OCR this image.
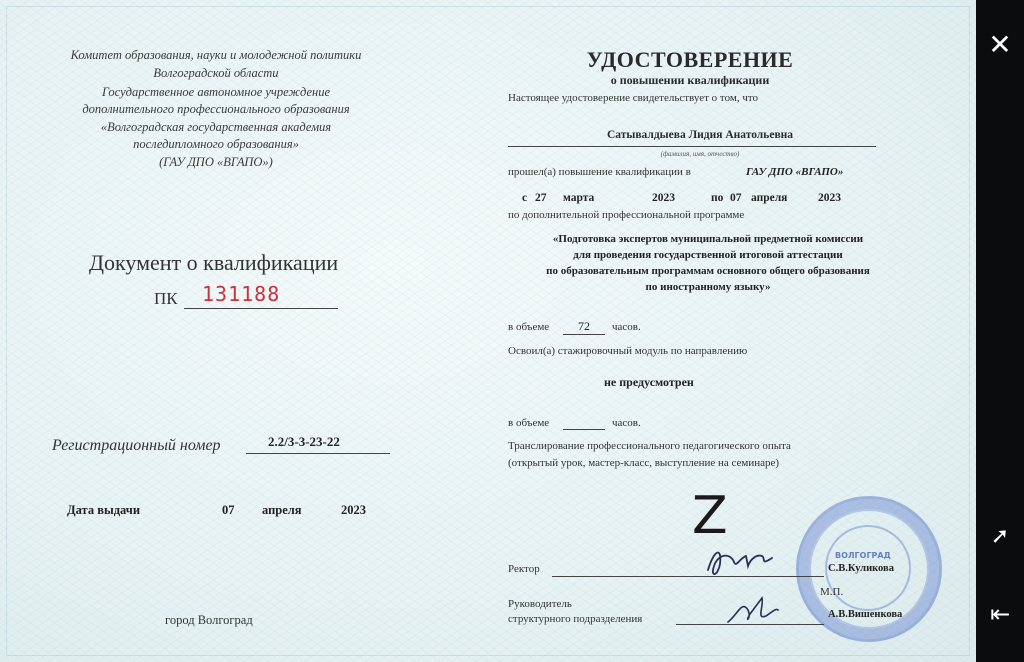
Комитет образования, науки и молодежной политики
Волгоградской области
Государственное автономное учреждение
дополнительного профессионального образования
«Волгоградская государственная академия
последипломного образования»
(ГАУ ДПО «ВГАПО»)
Документ о квалификации
ПК 131188
Регистрационный номер	2.2/3-3-23-22
Дата выдачи	07 апреля	2023
город Волгоград
УДОСТОВЕРЕНИЕ
о повышении квалификации
Настоящее удостоверение свидетельствует о том, что
Сатывалдыева Лидия Анатольевна
(фамилия, имя, отчество)
прошел(а) повышение квалификации в	ГАУ ДПО «ВГАПО»
с 27 марта	2023	по 07 апреля	2023
по дополнительной профессиональной программе
«Подготовка экспертов муниципальной предметной комиссии
для проведения государственной итоговой аттестации
по образовательным программам основного общего образования
по иностранному языку»
в объеме 72 часов.
Освоил(а) стажировочный модуль по направлению
не предусмотрен
в объеме	часов.
Транслирование профессионального педагогического опыта
(открытый урок, мастер-класс, выступление на семинаре)
Z
ВОЛГОГРАД
Ректор	С.В.Куликова
М.П.
Руководитель
структурного подразделения	А.В.Вишенкова
✕
➚
⇤
